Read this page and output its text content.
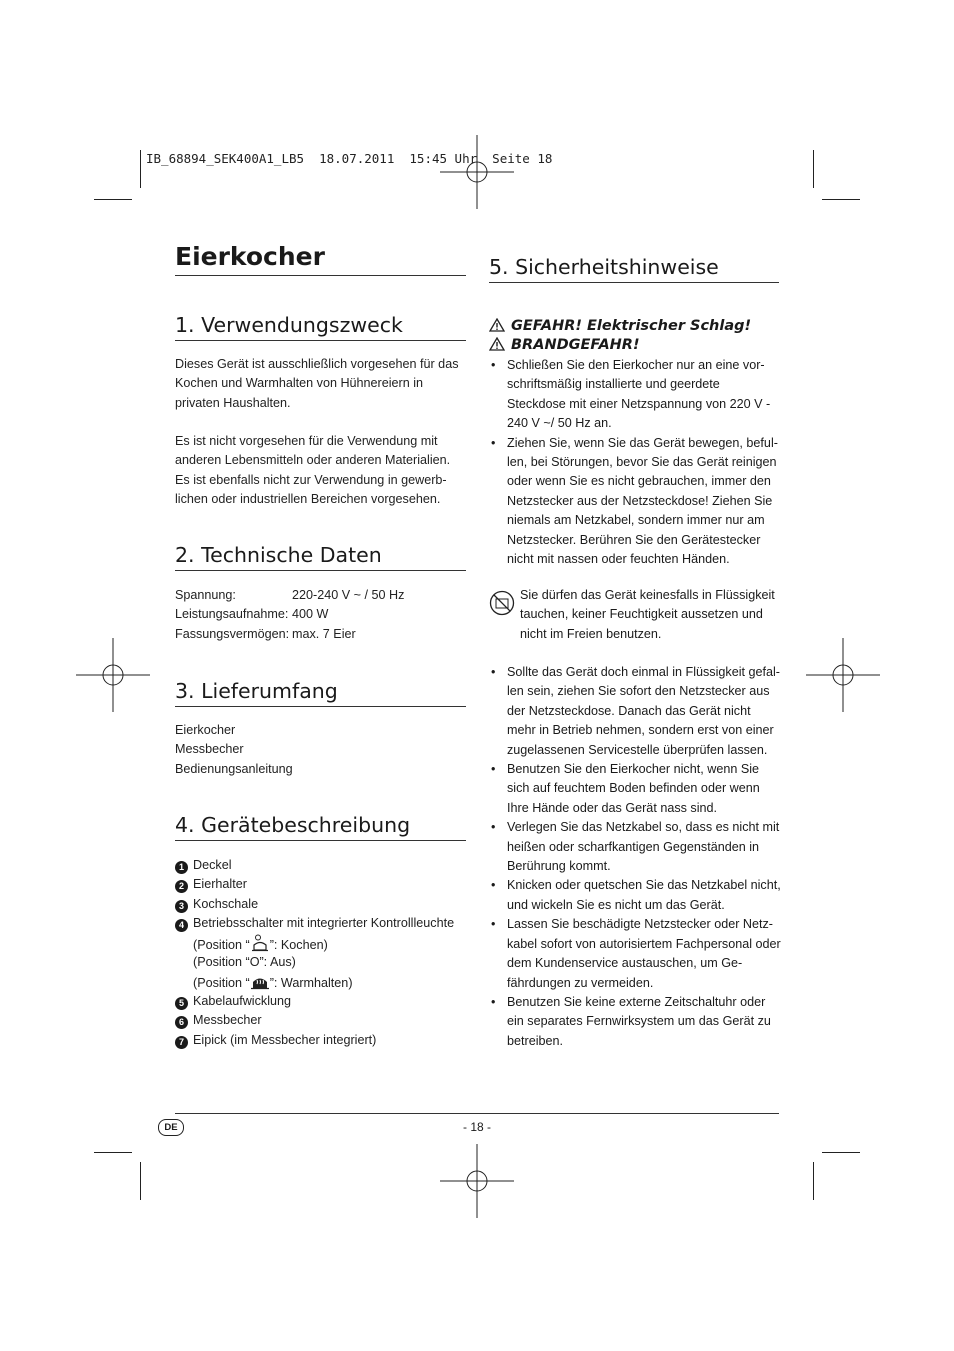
IB_68894_SEK400A1_LB5  18.07.2011  15:45 Uhr  Seite 18
Eierkocher
1. Verwendungszweck
Dieses Gerät ist ausschließlich vorgesehen für das
Kochen und Warmhalten von Hühnereiern in
privaten Haushalten.
Es ist nicht vorgesehen für die Verwendung mit
anderen Lebensmitteln oder anderen Materialien.
Es ist ebenfalls nicht zur Verwendung in gewerb-
lichen oder industriellen Bereichen vorgesehen.
2. Technische Daten
Spannung:	220-240 V ~ / 50 Hz
Leistungsaufnahme: 400 W
Fassungsvermögen: max. 7 Eier
3. Lieferumfang
Eierkocher
Messbecher
Bedienungsanleitung
4. Gerätebeschreibung
1 Deckel
2 Eierhalter
3 Kochschale
4 Betriebsschalter mit integrierter Kontrollleuchte
(Position “ ”: Kochen)
(Position “O”: Aus)
(Position “ ”: Warmhalten)
5 Kabelaufwicklung
6 Messbecher
7 Eipick (im Messbecher integriert)
5. Sicherheitshinweise
GEFAHR! Elektrischer Schlag!
BRANDGEFAHR!
• Schließen Sie den Eierkocher nur an eine vor-schriftsmäßig installierte und geerdete Steckdose mit einer Netzspannung von 220 V - 240 V ~/ 50 Hz an.
• Ziehen Sie, wenn Sie das Gerät bewegen, beful-len, bei Störungen, bevor Sie das Gerät reinigen oder wenn Sie es nicht gebrauchen, immer den Netzstecker aus der Netzsteckdose! Ziehen Sie niemals am Netzkabel, sondern immer nur am Netzstecker. Berühren Sie den Gerätestecker nicht mit nassen oder feuchten Händen.
Sie dürfen das Gerät keinesfalls in Flüssigkeit tauchen, keiner Feuchtigkeit aussetzen und nicht im Freien benutzen.
• Sollte das Gerät doch einmal in Flüssigkeit gefal-len sein, ziehen Sie sofort den Netzstecker aus der Netzsteckdose. Danach das Gerät nicht mehr in Betrieb nehmen, sondern erst von einer zugelassenen Servicestelle überprüfen lassen.
• Benutzen Sie den Eierkocher nicht, wenn Sie sich auf feuchtem Boden befinden oder wenn Ihre Hände oder das Gerät nass sind.
• Verlegen Sie das Netzkabel so, dass es nicht mit heißen oder scharfkantigen Gegenständen in Berührung kommt.
• Knicken oder quetschen Sie das Netzkabel nicht, und wickeln Sie es nicht um das Gerät.
• Lassen Sie beschädigte Netzstecker oder Netz-kabel sofort von autorisiertem Fachpersonal oder dem Kundenservice austauschen, um Ge-fährdungen zu vermeiden.
• Benutzen Sie keine externe Zeitschaltuhr oder ein separates Fernwirksystem um das Gerät zu betreiben.
DE	- 18 -
